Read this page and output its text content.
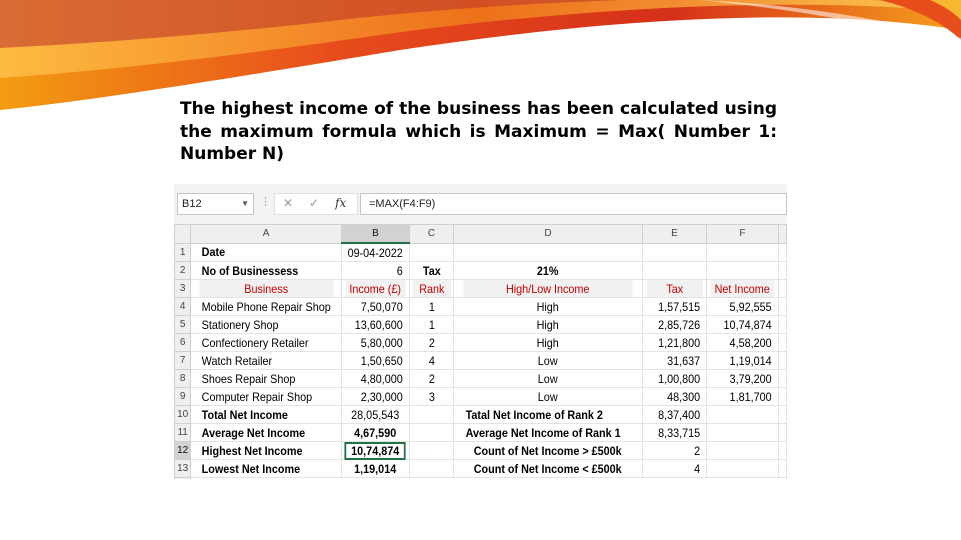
The highest income of the business has been calculated using the maximum formula which is Maximum = Max( Number 1: Number N)

B12	▼ ⋮ ✕ ✓ fx	=MAX(F4:F9)
	A	B	C	D	E	F	
1	Date	09-04-2022					
2	No of Businessess	6	Tax	21%			
3	Business	Income (£)	Rank	High/Low Income	Tax	Net Income	
4	Mobile Phone Repair Shop	7,50,070	1	High	1,57,515	5,92,555	
5	Stationery Shop	13,60,600	1	High	2,85,726	10,74,874	
6	Confectionery Retailer	5,80,000	2	High	1,21,800	4,58,200	
7	Watch Retailer	1,50,650	4	Low	31,637	1,19,014	
8	Shoes Repair Shop	4,80,000	2	Low	1,00,800	3,79,200	
9	Computer Repair Shop	2,30,000	3	Low	48,300	1,81,700	
10	Total Net Income	28,05,543		Tatal Net Income of Rank 2	8,37,400		
11	Average Net Income	4,67,590		Average Net Income of Rank 1	8,33,715		
12	Highest Net Income	10,74,874		Count of Net Income > £500k	2		
13	Lowest Net Income	1,19,014		Count of Net Income < £500k	4		
